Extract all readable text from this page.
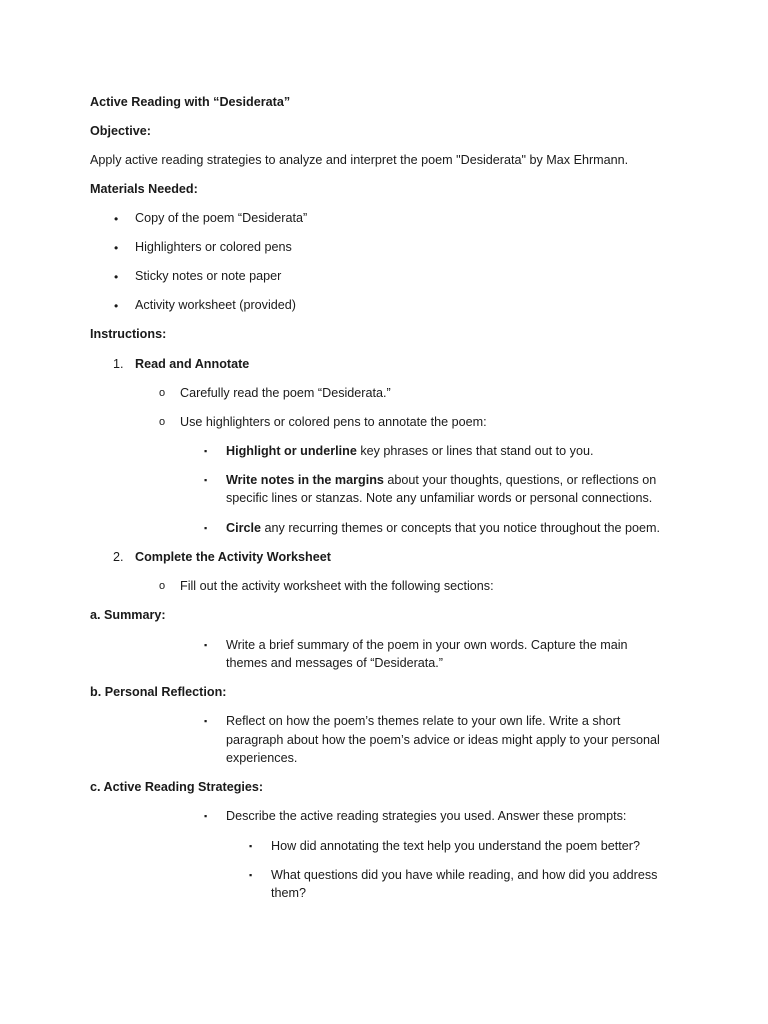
Active Reading with “Desiderata”
Objective:
Apply active reading strategies to analyze and interpret the poem "Desiderata" by Max Ehrmann.
Materials Needed:
• Copy of the poem “Desiderata”
• Highlighters or colored pens
• Sticky notes or note paper
• Activity worksheet (provided)
Instructions:
1. Read and Annotate
o Carefully read the poem “Desiderata.”
o Use highlighters or colored pens to annotate the poem:
▪ Highlight or underline key phrases or lines that stand out to you.
▪ Write notes in the margins about your thoughts, questions, or reflections on
specific lines or stanzas. Note any unfamiliar words or personal connections.
▪ Circle any recurring themes or concepts that you notice throughout the poem.
2. Complete the Activity Worksheet
o Fill out the activity worksheet with the following sections:
a. Summary:
▪ Write a brief summary of the poem in your own words. Capture the main
themes and messages of “Desiderata.”
b. Personal Reflection:
▪ Reflect on how the poem’s themes relate to your own life. Write a short
paragraph about how the poem’s advice or ideas might apply to your personal
experiences.
c. Active Reading Strategies:
▪ Describe the active reading strategies you used. Answer these prompts:
▪ How did annotating the text help you understand the poem better?
▪ What questions did you have while reading, and how did you address
them?
